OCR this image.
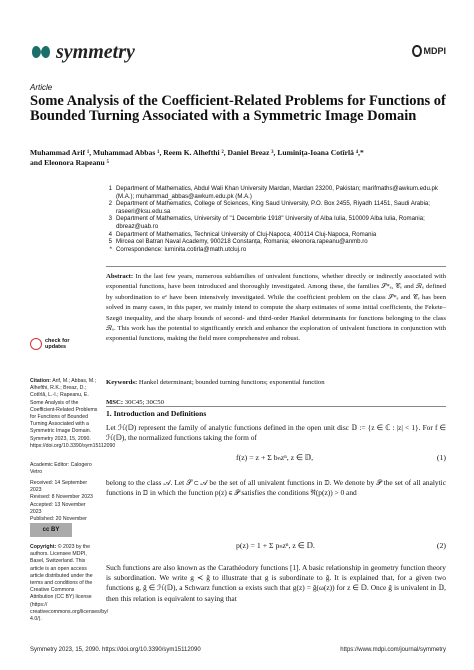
symmetry	MDPI
Article
Some Analysis of the Coefficient-Related Problems for Functions of Bounded Turning Associated with a Symmetric Image Domain
Muhammad Arif ¹, Muhammad Abbas ¹, Reem K. Alhefthi ², Daniel Breaz ³, Luminița-Ioana Cotîrlă ⁴,*
and Eleonora Rapeanu ⁵
1 Department of Mathematics, Abdul Wali Khan University Mardan, Mardan 23200, Pakistan; marifmaths@awkum.edu.pk (M.A.); muhammad_abbas@awkum.edu.pk (M.A.)
2 Department of Mathematics, College of Sciences, King Saud University, P.O. Box 2455, Riyadh 11451, Saudi Arabia; raseeri@ksu.edu.sa
3 Department of Mathematics, University of "1 Decembrie 1918" University of Alba Iulia, 510009 Alba Iulia, Romania; dbreaz@uab.ro
4 Department of Mathematics, Technical University of Cluj-Napoca, 400114 Cluj-Napoca, Romania
5 Mircea cel Batran Naval Academy, 900218 Constanța, Romania; eleonora.rapeanu@anmb.ro
* Correspondence: luminita.cotirla@math.utcluj.ro
Abstract: In the last few years, numerous subfamilies of univalent functions, whether directly or indirectly associated with exponential functions, have been introduced and thoroughly investigated. Among these, the families 𝒮*ₑ, 𝒞ₑ and ℛₑ defined by subordination to eᶻ have been intensively investigated. While the coefficient problem on the class 𝒮*ₑ and 𝒞ₑ has been solved in many cases, in this paper, we mainly intend to compute the sharp estimates of some initial coefficients, the Fekete–Szegö inequality, and the sharp bounds of second- and third-order Hankel determinants for functions belonging to the class ℛₑ. This work has the potential to significantly enrich and enhance the exploration of univalent functions in conjunction with exponential functions, making the field more comprehensive and robust.
Keywords: Hankel determinant; bounded turning functions; exponential function
MSC: 30C45; 30C50
check for
updates
Citation: Arif, M.; Abbas, M.; Alhefthi, R.K.; Breaz, D.; Cotîrlă, L.-I.; Rapeanu, E. Some Analysis of the Coefficient-Related Problems for Functions of Bounded Turning Associated with a Symmetric Image Domain. Symmetry 2023, 15, 2090. https://doi.org/10.3390/sym15112090
Academic Editor: Calogero Vetro
Received: 14 September 2023
Revised: 8 November 2023
Accepted: 13 November 2023
Published: 20 November
cc BY
Copyright: © 2023 by the authors. Licensee MDPI, Basel, Switzerland. This article is an open access article distributed under the terms and conditions of the Creative Commons Attribution (CC BY) license (https:// creativecommons.org/licenses/by/ 4.0/).
1. Introduction and Definitions
Let ℋ(𝔻) represent the family of analytic functions defined in the open unit disc 𝔻 := {z ∈ ℂ : |z| < 1}. For f ∈ ℋ(𝔻), the normalized functions taking the form of
f(z) = z + Σ bₙzⁿ, z ∈ 𝔻,	(1)
belong to the class 𝒜. Let 𝒮 ⊂ 𝒜 be the set of all univalent functions in 𝔻. We denote by 𝒫 the set of all analytic functions in 𝔻 in which the function p(z) ∈ 𝒫 satisfies the conditions ℜ(p(z)) > 0 and
p(z) = 1 + Σ pₙzⁿ, z ∈ 𝔻.	(2)
Such functions are also known as the Carathéodory functions [1]. A basic relationship in geometry function theory is subordination. We write g ≺ g̃ to illustrate that g is subordinate to g̃. It is explained that, for a given two functions g, g̃ ∈ ℋ(𝔻), a Schwarz function ω exists such that g(z) = g̃(ω(z)) for z ∈ 𝔻. Once g̃ is univalent in 𝔻, then this relation is equivalent to saying that
Symmetry 2023, 15, 2090. https://doi.org/10.3390/sym15112090	https://www.mdpi.com/journal/symmetry
